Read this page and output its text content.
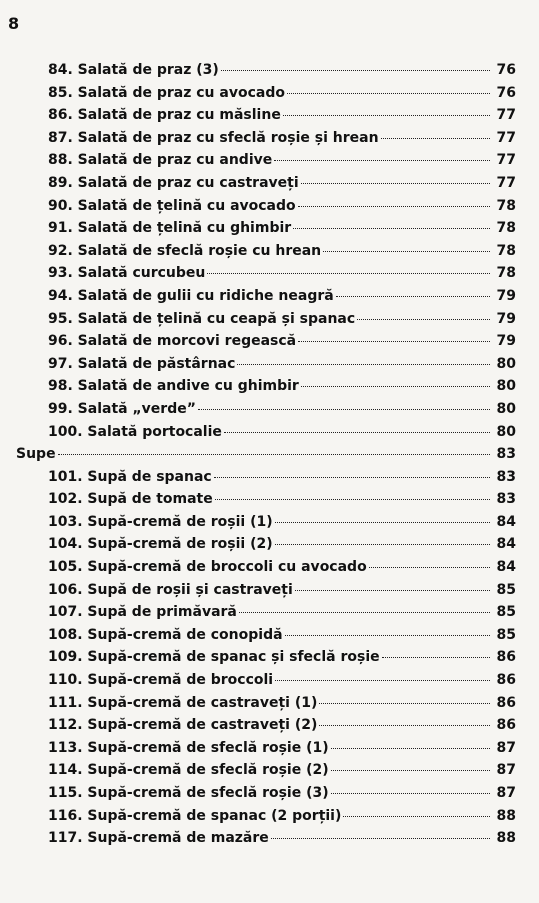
8
84. Salată de praz (3)	76
85. Salată de praz cu avocado	76
86. Salată de praz cu măsline	77
87. Salată de praz cu sfeclă roșie și hrean	77
88. Salată de praz cu andive	77
89. Salată de praz cu castraveți	77
90. Salată de țelină cu avocado	78
91. Salată de țelină cu ghimbir	78
92. Salată de sfeclă roșie cu hrean	78
93. Salată curcubeu	78
94. Salată de gulii cu ridiche neagră	79
95. Salată de țelină cu ceapă și spanac	79
96. Salată de morcovi regească	79
97. Salată de păstârnac	80
98. Salată de andive cu ghimbir	80
99. Salată „verde”	80
100. Salată portocalie	80
Supe	83
101. Supă de spanac	83
102. Supă de tomate	83
103. Supă-cremă de roșii (1)	84
104. Supă-cremă de roșii (2)	84
105. Supă-cremă de broccoli cu avocado	84
106. Supă de roșii și castraveți	85
107. Supă de primăvară	85
108. Supă-cremă de conopidă	85
109. Supă-cremă de spanac și sfeclă roșie	86
110. Supă-cremă de broccoli	86
111. Supă-cremă de castraveți (1)	86
112. Supă-cremă de castraveți (2)	86
113. Supă-cremă de sfeclă roșie (1)	87
114. Supă-cremă de sfeclă roșie (2)	87
115. Supă-cremă de sfeclă roșie (3)	87
116. Supă-cremă de spanac (2 porții)	88
117. Supă-cremă de mazăre	88
